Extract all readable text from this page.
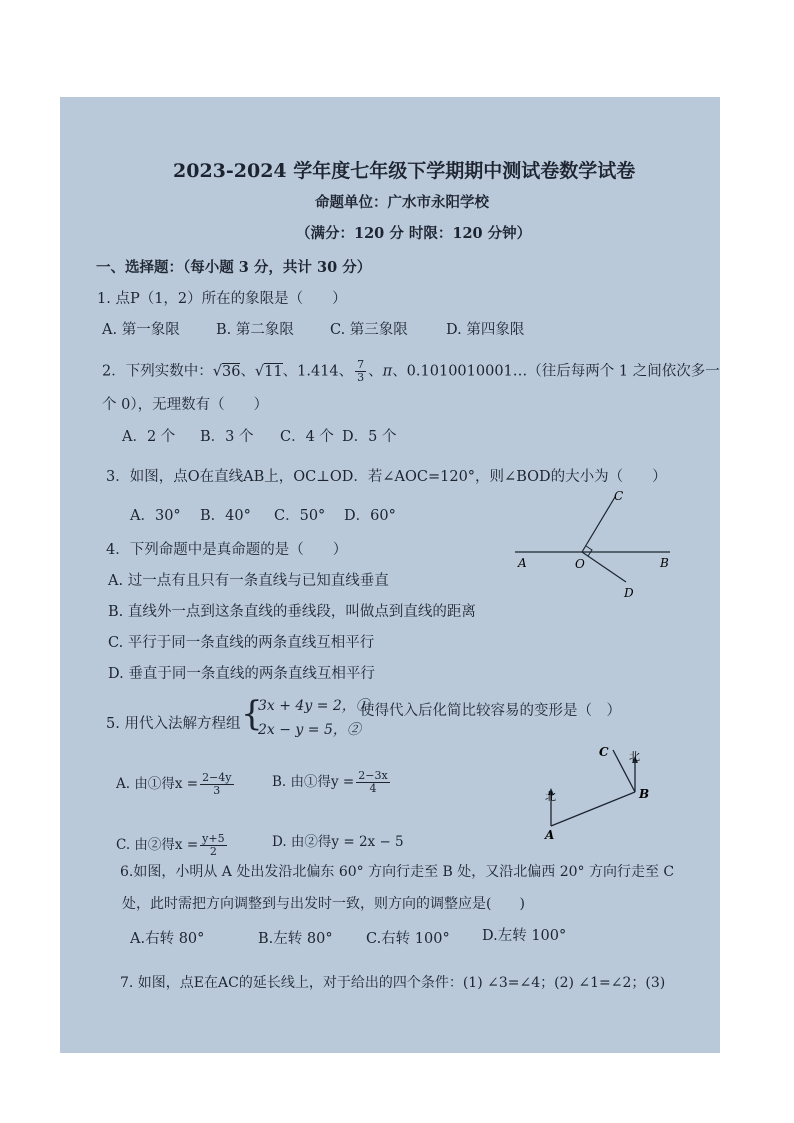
2023-2024 学年度七年级下学期期中测试卷数学试卷
命题单位：广水市永阳学校
（满分：120 分 时限：120 分钟）
一、选择题：（每小题 3 分，共计 30 分）
1. 点P（1，2）所在的象限是（　　）
A. 第一象限	B. 第二象限 C. 第三象限	D. 第四象限
2．下列实数中：√36、√11、1.414、 $\frac{7}{3}$ 、π、0.1010010001…（往后每两个 1 之间依次多一
个 0），无理数有（　　）
A．2 个 B．3 个 C．4 个 D．5 个
3．如图，点O在直线AB上，OC⊥OD．若∠AOC=120°，则∠BOD的大小为（　　）
A．30° B．40° C．50° D．60°
A	O	B
C
D
4．下列命题中是真命题的是（　　）
A. 过一点有且只有一条直线与已知直线垂直
B. 直线外一点到这条直线的垂线段，叫做点到直线的距离
C. 平行于同一条直线的两条直线互相平行
D. 垂直于同一条直线的两条直线互相平行
5. 用代入法解方程组 {
3x + 4y = 2，①
2x − y = 5，②
使得代入后化简比较容易的变形是（　）
A. 由①得$x = \frac{2-4y}{3}$	B. 由①得$y = \frac{2-3x}{4}$
C. 由②得$x = \frac{y+5}{2}$	D. 由②得y = 2x − 5
北
北
A
B
C
6.如图，小明从 A 处出发沿北偏东 60° 方向行走至 B 处，又沿北偏西 20° 方向行走至 C
处，此时需把方向调整到与出发时一致，则方向的调整应是(　　)
A.右转 80°	B.左转 80° C.右转 100° D.左转 100°
7. 如图，点E在AC的延长线上，对于给出的四个条件：(1) ∠3=∠4；(2) ∠1=∠2；(3)
